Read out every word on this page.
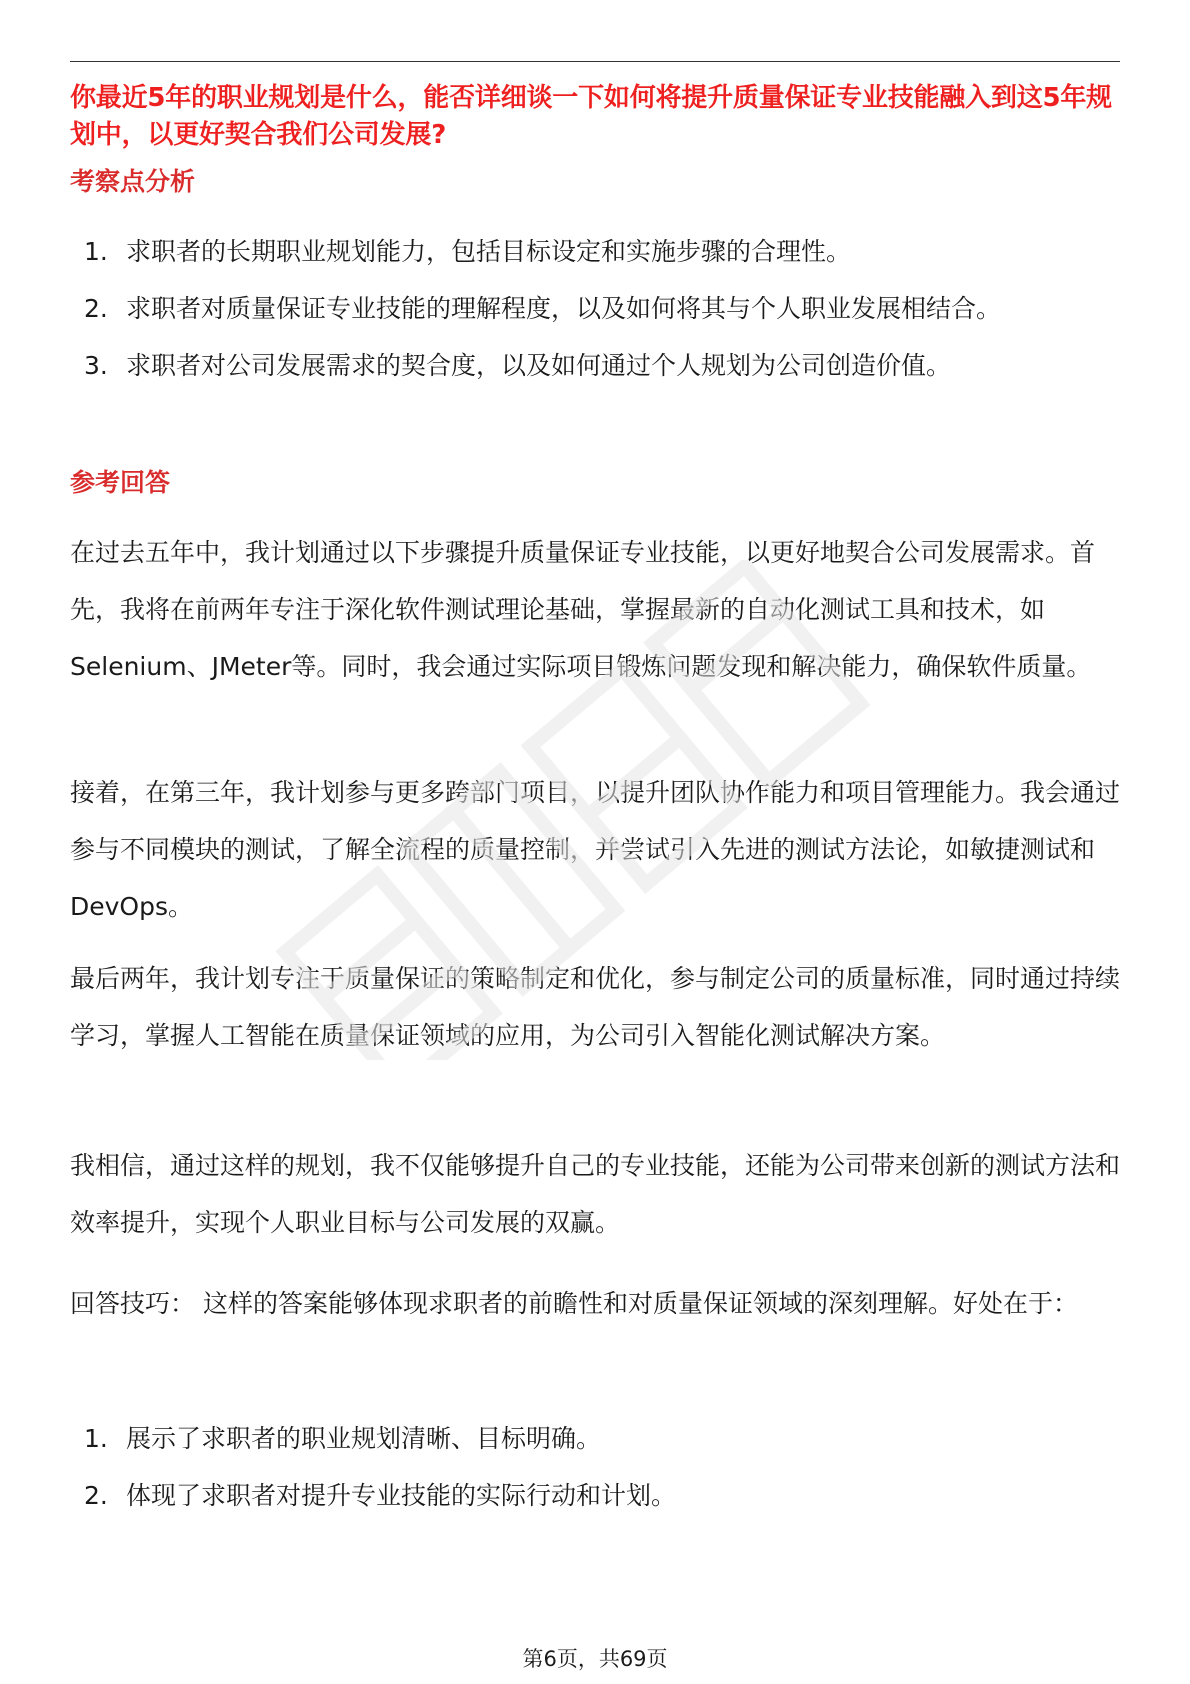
你最近5年的职业规划是什么，能否详细谈一下如何将提升质量保证专业技能融入到这5年规划中，以更好契合我们公司发展?

考察点分析
1. 求职者的长期职业规划能力，包括目标设定和实施步骤的合理性。
2. 求职者对质量保证专业技能的理解程度，以及如何将其与个人职业发展相结合。
3. 求职者对公司发展需求的契合度，以及如何通过个人规划为公司创造价值。
参考回答

在过去五年中，我计划通过以下步骤提升质量保证专业技能，以更好地契合公司发展需求。首先，我将在前两年专注于深化软件测试理论基础，掌握最新的自动化测试工具和技术，如Selenium、JMeter等。同时，我会通过实际项目锻炼问题发现和解决能力，确保软件质量。

接着，在第三年，我计划参与更多跨部门项目，以提升团队协作能力和项目管理能力。我会通过参与不同模块的测试，了解全流程的质量控制，并尝试引入先进的测试方法论，如敏捷测试和DevOps。

最后两年，我计划专注于质量保证的策略制定和优化，参与制定公司的质量标准，同时通过持续学习，掌握人工智能在质量保证领域的应用，为公司引入智能化测试解决方案。

我相信，通过这样的规划，我不仅能够提升自己的专业技能，还能为公司带来创新的测试方法和效率提升，实现个人职业目标与公司发展的双赢。

回答技巧： 这样的答案能够体现求职者的前瞻性和对质量保证领域的深刻理解。好处在于：

1. 展示了求职者的职业规划清晰、目标明确。
2. 体现了求职者对提升专业技能的实际行动和计划。
第6页，共69页
